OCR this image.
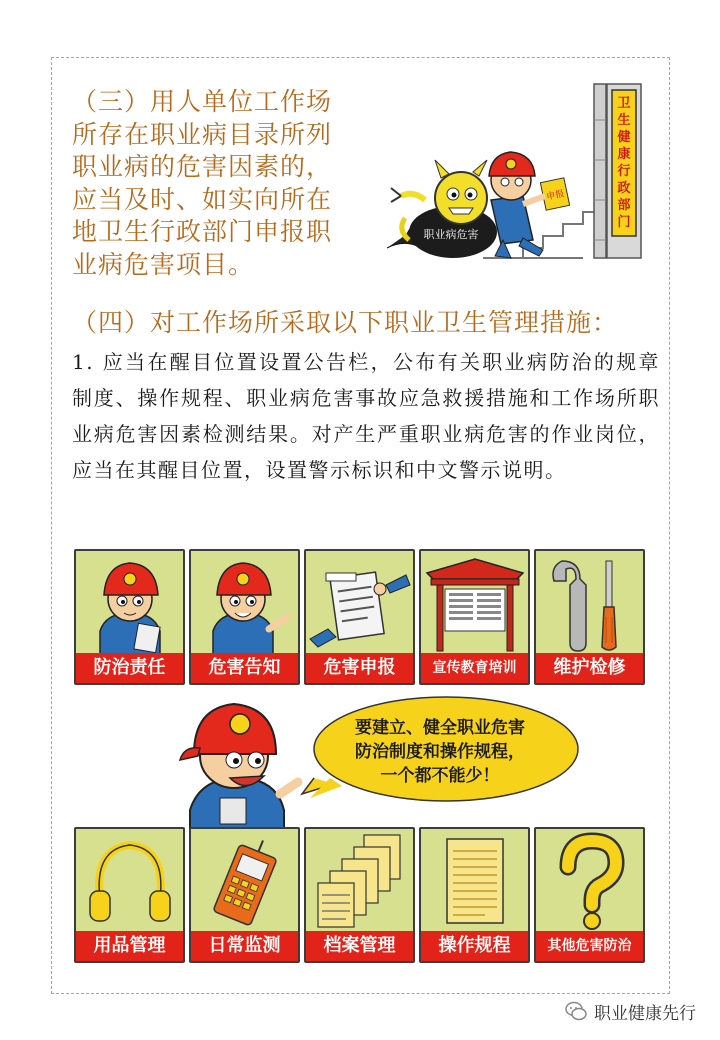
（三）用人单位工作场

所存在职业病目录所列

职业病的危害因素的，

应当及时、如实向所在

地卫生行政部门申报职

业病危害项目。

卫
生
健
康
行
政
部
门
职业病危害
申报
（四）对工作场所采取以下职业卫生管理措施：

1. 应当在醒目位置设置公告栏，公布有关职业病防治的规章制度、操作规程、职业病危害事故应急救援措施和工作场所职业病危害因素检测结果。对产生严重职业病危害的作业岗位，应当在其醒目位置，设置警示标识和中文警示说明。

防治责任	危害告知	危害申报	宣传教育培训	维护检修
要建立、健全职业危害
防治制度和操作规程，
一个都不能少！
用品管理	日常监测	档案管理	操作规程	其他危害防治
职业健康先行
